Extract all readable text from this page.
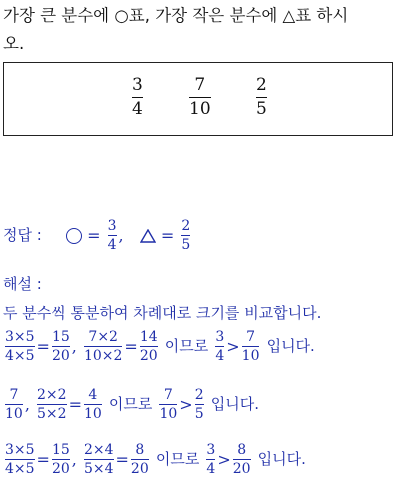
가장 큰 분수에 ○표, 가장 작은 분수에 △표 하시
오.
3
4
7
10
2
5
정답 :	= $\frac{3}{4}$ , = $\frac{2}{5}$
해설 :
두 분수씩 통분하여 차례대로 크기를 비교합니다.
$\frac{3\times 5}{4\times 5} = \frac{15}{20}$ , $\frac{7\times 2}{10\times 2} = \frac{14}{20}$ 이므로 $\frac{3}{4} > \frac{7}{10}$ 입니다.
$\frac{7}{10}$ , $\frac{2\times 2}{5\times 2} = \frac{4}{10}$ 이므로 $\frac{7}{10} > \frac{2}{5}$ 입니다.
$\frac{3\times 5}{4\times 5} = \frac{15}{20}$ , $\frac{2\times 4}{5\times 4} = \frac{8}{20}$ 이므로 $\frac{3}{4} > \frac{8}{20}$ 입니다.
